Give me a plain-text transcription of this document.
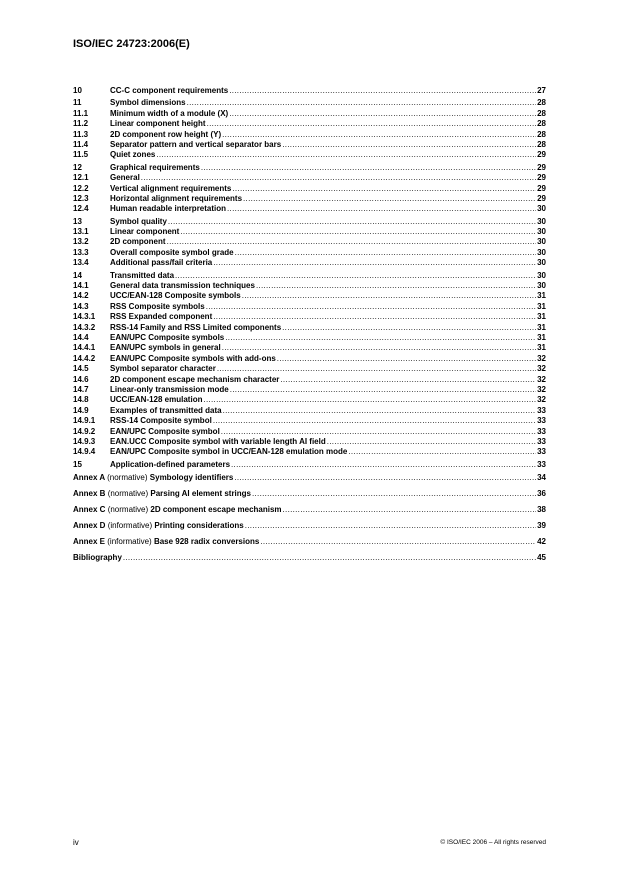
ISO/IEC 24723:2006(E)
10	CC-C component requirements .....	27
11	Symbol dimensions .....	28
11.1	Minimum width of a module (X) .....	28
11.2	Linear component height .....	28
11.3	2D component row height (Y) .....	28
11.4	Separator pattern and vertical separator bars .....	28
11.5	Quiet zones .....	29
12	Graphical requirements .....	29
12.1	General .....	29
12.2	Vertical alignment requirements .....	29
12.3	Horizontal alignment requirements .....	29
12.4	Human readable interpretation .....	30
13	Symbol quality .....	30
13.1	Linear component .....	30
13.2	2D component .....	30
13.3	Overall composite symbol grade .....	30
13.4	Additional pass/fail criteria .....	30
14	Transmitted data .....	30
14.1	General data transmission techniques .....	30
14.2	UCC/EAN-128 Composite symbols .....	31
14.3	RSS Composite symbols .....	31
14.3.1	RSS Expanded component .....	31
14.3.2	RSS-14 Family and RSS Limited components .....	31
14.4	EAN/UPC Composite symbols .....	31
14.4.1	EAN/UPC symbols in general .....	31
14.4.2	EAN/UPC Composite symbols with add-ons .....	32
14.5	Symbol separator character .....	32
14.6	2D component escape mechanism character .....	32
14.7	Linear-only transmission mode .....	32
14.8	UCC/EAN-128 emulation .....	32
14.9	Examples of transmitted data .....	33
14.9.1	RSS-14 Composite symbol .....	33
14.9.2	EAN/UPC Composite symbol .....	33
14.9.3	EAN.UCC Composite symbol with variable length AI field .....	33
14.9.4	EAN/UPC Composite symbol in UCC/EAN-128 emulation mode .....	33
15	Application-defined parameters .....	33
Annex A (normative) Symbology identifiers .....	34
Annex B (normative) Parsing AI element strings .....	36
Annex C (normative) 2D component escape mechanism .....	38
Annex D (informative) Printing considerations .....	39
Annex E (informative) Base 928 radix conversions .....	42
Bibliography .....	45
iv	© ISO/IEC 2006 – All rights reserved
